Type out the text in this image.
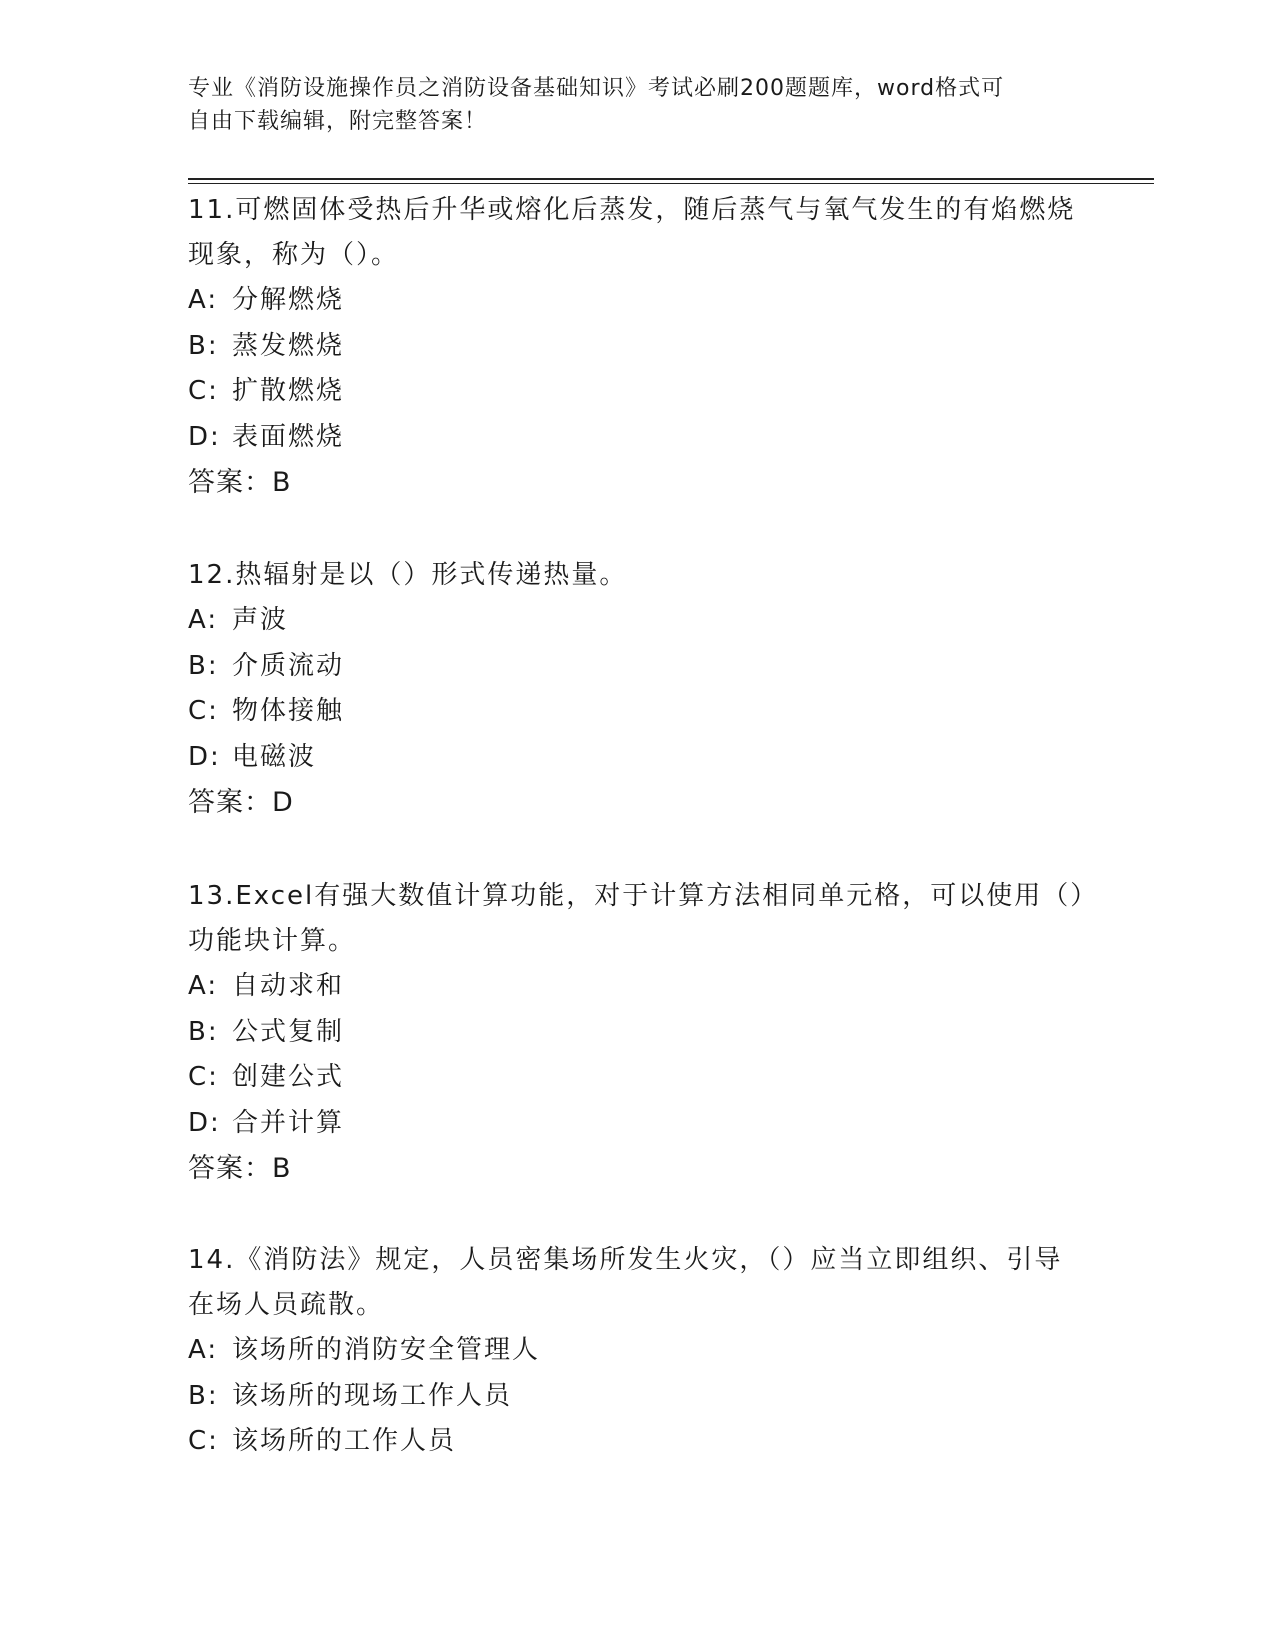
专业《消防设施操作员之消防设备基础知识》考试必刷200题题库，word格式可
自由下载编辑，附完整答案！

11.可燃固体受热后升华或熔化后蒸发，随后蒸气与氧气发生的有焰燃烧现象，称为（）。

A: 分解燃烧
B: 蒸发燃烧
C: 扩散燃烧
D: 表面燃烧
答案：B

12.热辐射是以（）形式传递热量。

A: 声波
B: 介质流动
C: 物体接触
D: 电磁波
答案：D

13.Excel有强大数值计算功能，对于计算方法相同单元格，可以使用（）功能块计算。

A: 自动求和
B: 公式复制
C: 创建公式
D: 合并计算
答案：B

14.《消防法》规定，人员密集场所发生火灾，（）应当立即组织、引导在场人员疏散。

A: 该场所的消防安全管理人
B: 该场所的现场工作人员
C: 该场所的工作人员
